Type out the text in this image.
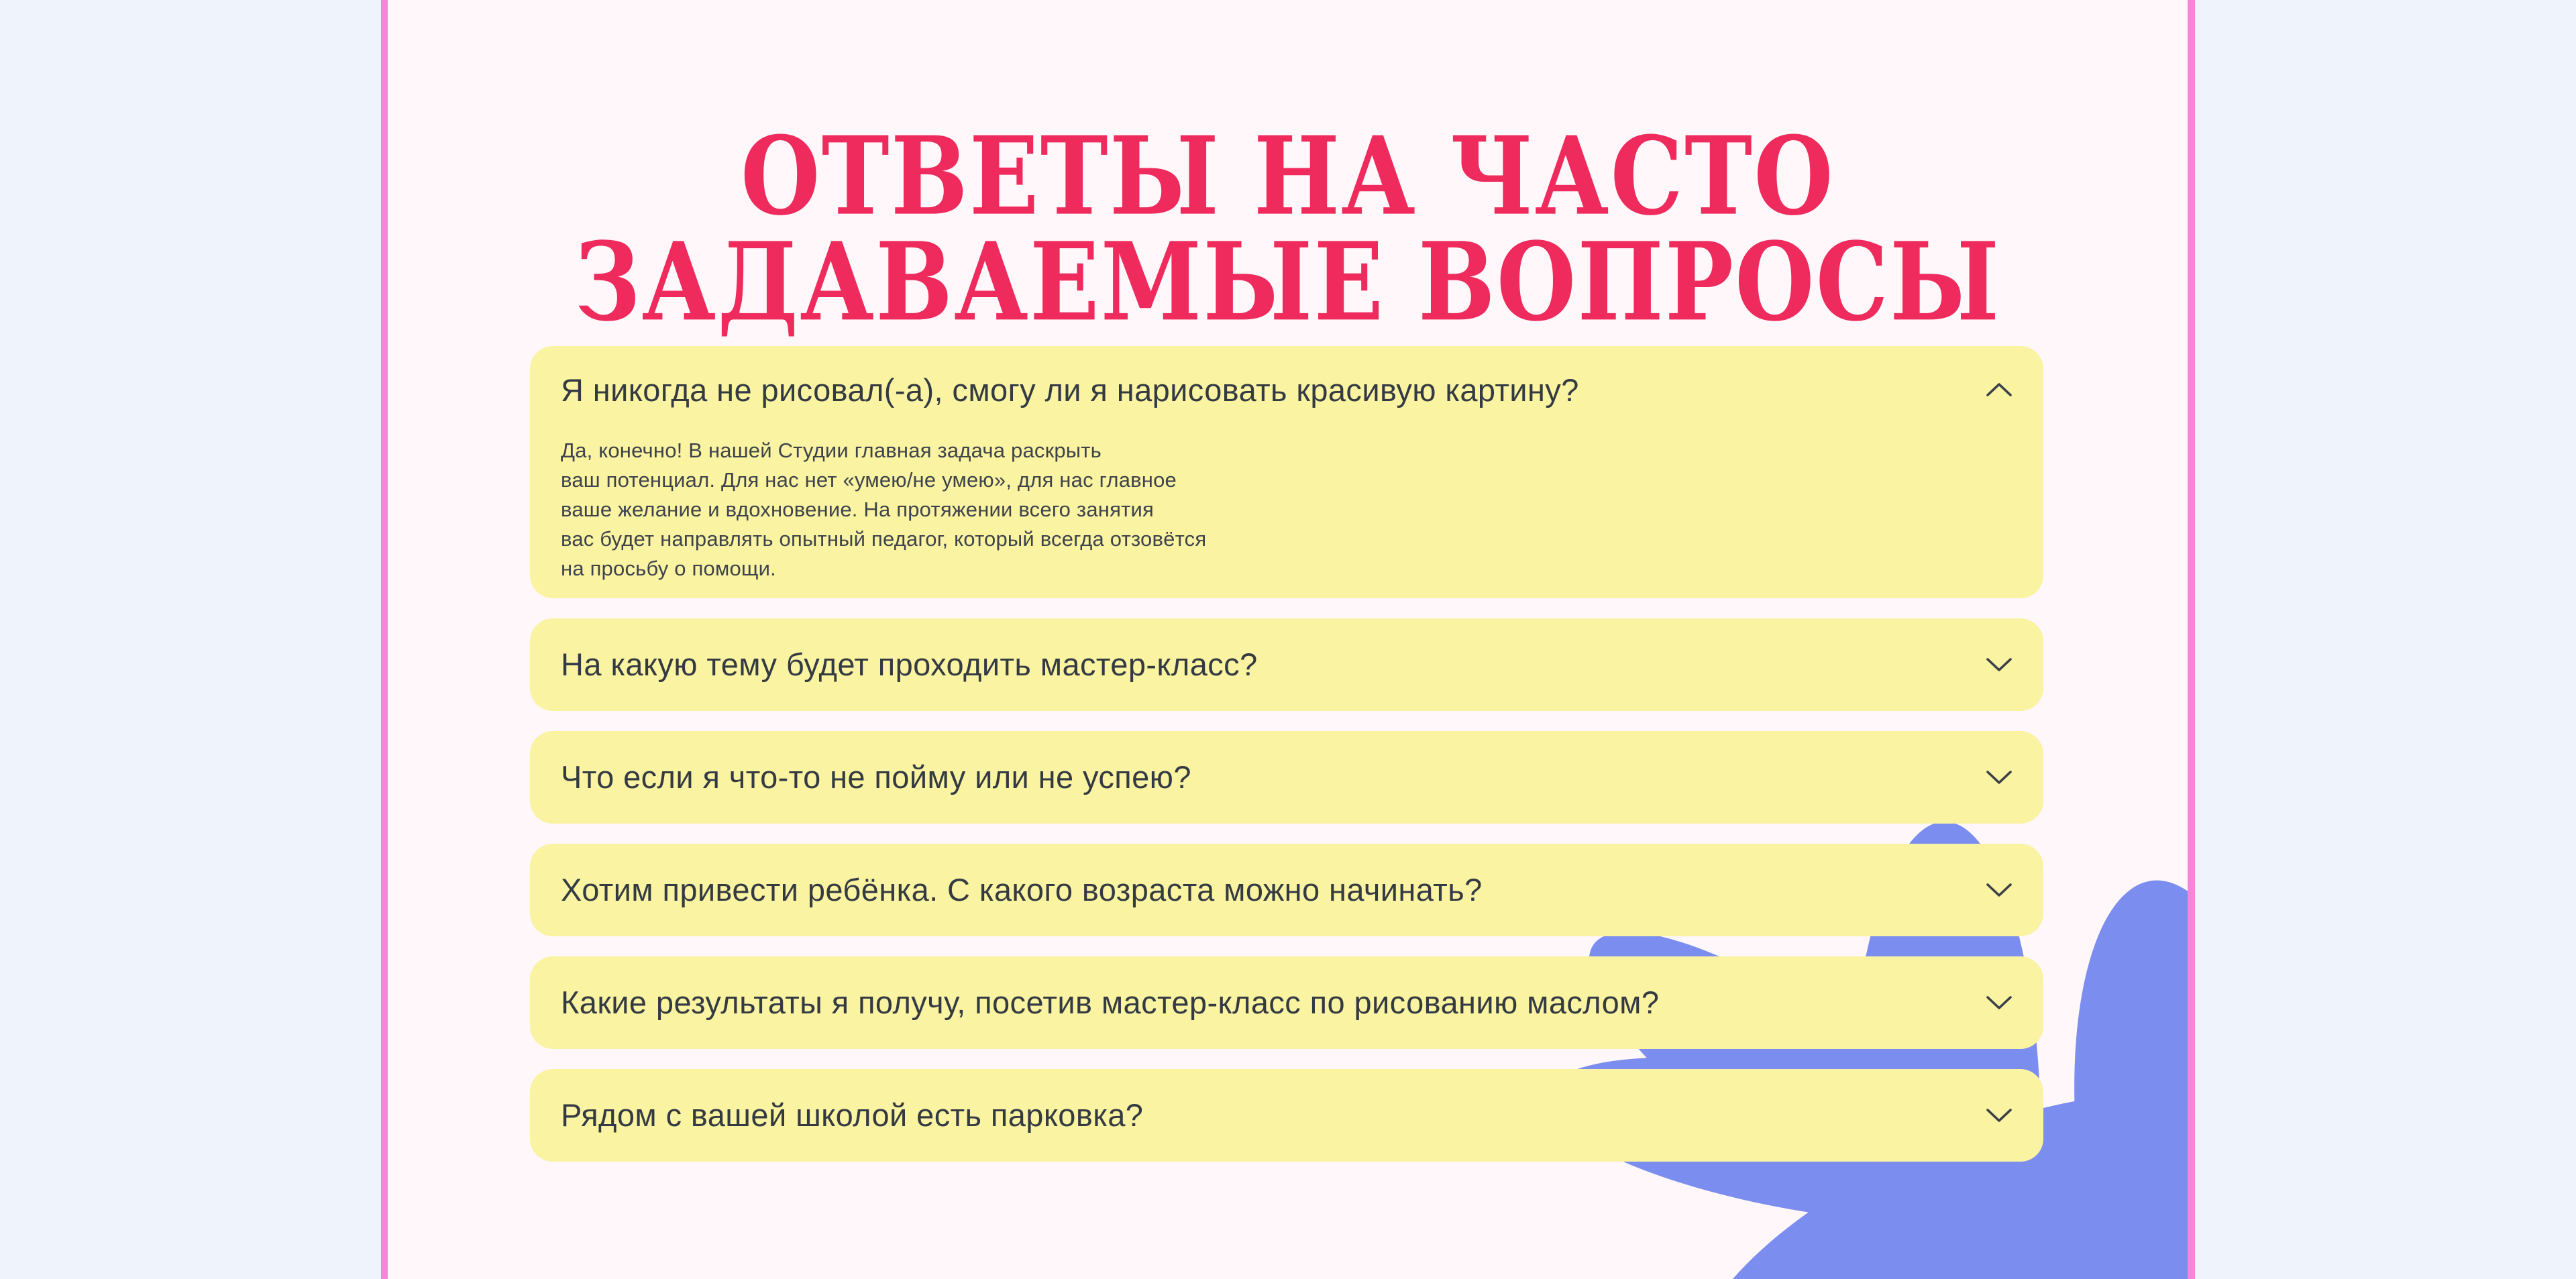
ОТВЕТЫ НА ЧАСТО
ЗАДАВАЕМЫЕ ВОПРОСЫ
Я никогда не рисовал(-а), смогу ли я нарисовать красивую картину?
Да, конечно! В нашей Студии главная задача раскрыть
ваш потенциал. Для нас нет «умею/не умею», для нас главное
ваше желание и вдохновение. На протяжении всего занятия
вас будет направлять опытный педагог, который всегда отзовётся
на просьбу о помощи.
На какую тему будет проходить мастер-класс?
Что если я что-то не пойму или не успею?
Хотим привести ребёнка. С какого возраста можно начинать?
Какие результаты я получу, посетив мастер-класс по рисованию маслом?
Рядом с вашей школой есть парковка?
